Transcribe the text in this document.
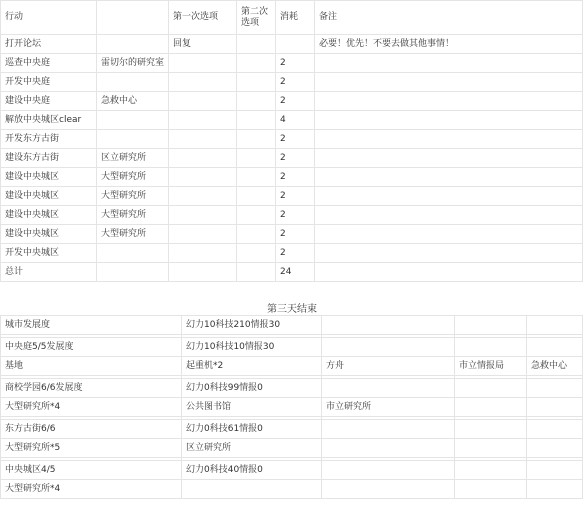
行动		第一次选项	第二次选项	消耗	备注
打开论坛		回复			必要！优先！不要去做其他事情！
巡查中央庭	雷切尔的研究室			2	
开发中央庭				2	
建设中央庭	急救中心			2	
解放中央城区clear				4	
开发东方古街				2	
建设东方古街	区立研究所			2	
建设中央城区	大型研究所			2	
建设中央城区	大型研究所			2	
建设中央城区	大型研究所			2	
建设中央城区	大型研究所			2	
开发中央城区				2	
总计				24	
第三天结束
城市发展度	幻力10科技210情报30			

中央庭5/5发展度	幻力10科技10情报30			
基地	起重机*2	方舟	市立情报局	急救中心

商校学园6/6发展度	幻力0科技99情报0			
大型研究所*4	公共图书馆	市立研究所		

东方古街6/6	幻力0科技61情报0			
大型研究所*5	区立研究所			

中央城区4/5	幻力0科技40情报0			
大型研究所*4				
